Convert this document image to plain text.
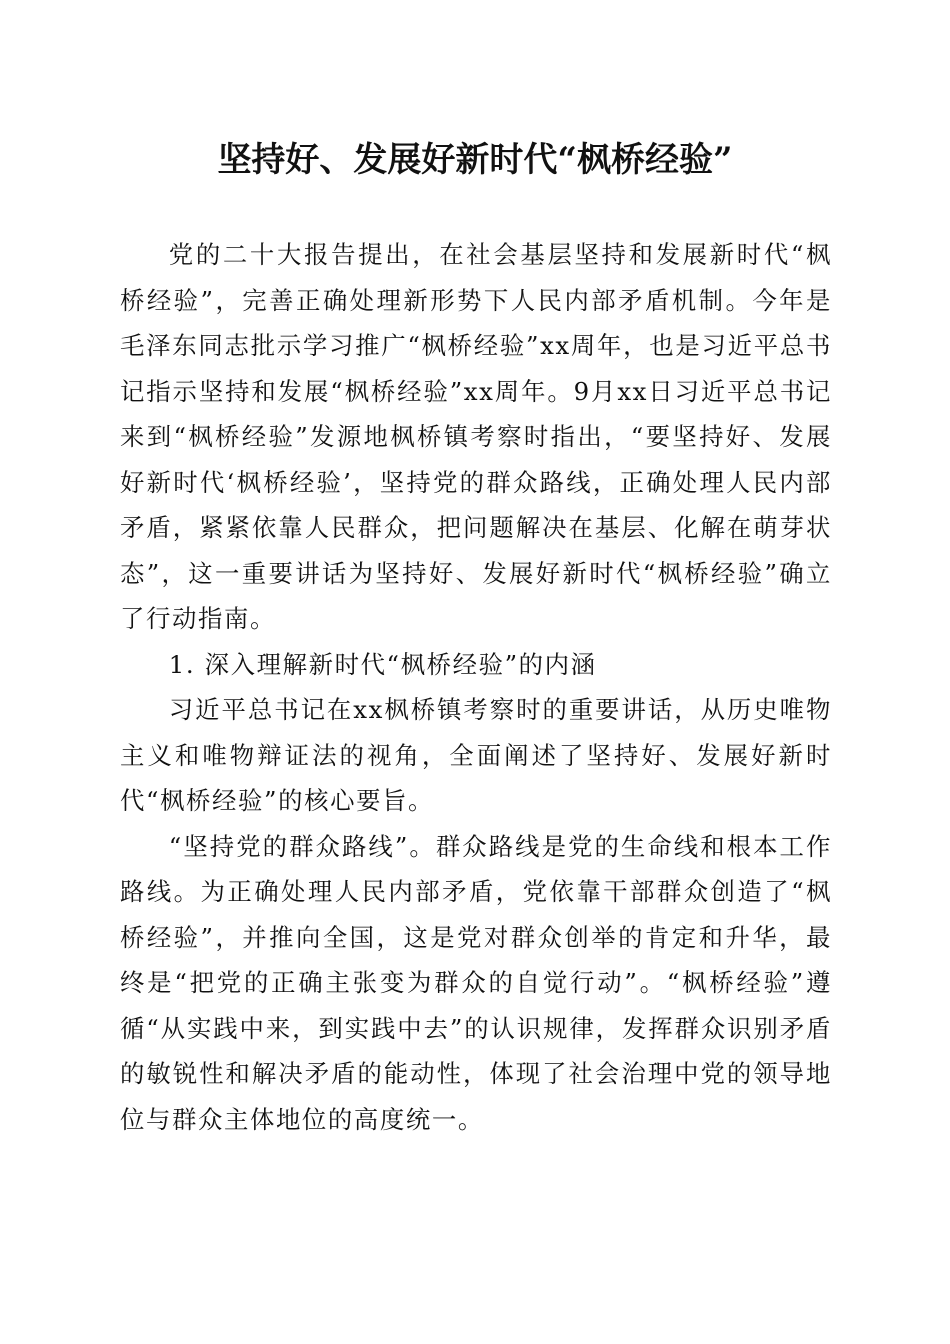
坚持好、发展好新时代“枫桥经验”

党的二十大报告提出，在社会基层坚持和发展新时代“枫桥经验”，完善正确处理新形势下人民内部矛盾机制。今年是毛泽东同志批示学习推广“枫桥经验”xx周年，也是习近平总书记指示坚持和发展“枫桥经验”xx周年。9月xx日习近平总书记来到“枫桥经验”发源地枫桥镇考察时指出，“要坚持好、发展好新时代‘枫桥经验’，坚持党的群众路线，正确处理人民内部矛盾，紧紧依靠人民群众，把问题解决在基层、化解在萌芽状态”，这一重要讲话为坚持好、发展好新时代“枫桥经验”确立了行动指南。

1. 深入理解新时代“枫桥经验”的内涵

习近平总书记在xx枫桥镇考察时的重要讲话，从历史唯物主义和唯物辩证法的视角，全面阐述了坚持好、发展好新时代“枫桥经验”的核心要旨。

“坚持党的群众路线”。群众路线是党的生命线和根本工作路线。为正确处理人民内部矛盾，党依靠干部群众创造了“枫桥经验”，并推向全国，这是党对群众创举的肯定和升华，最终是“把党的正确主张变为群众的自觉行动”。“枫桥经验”遵循“从实践中来，到实践中去”的认识规律，发挥群众识别矛盾的敏锐性和解决矛盾的能动性，体现了社会治理中党的领导地位与群众主体地位的高度统一。
